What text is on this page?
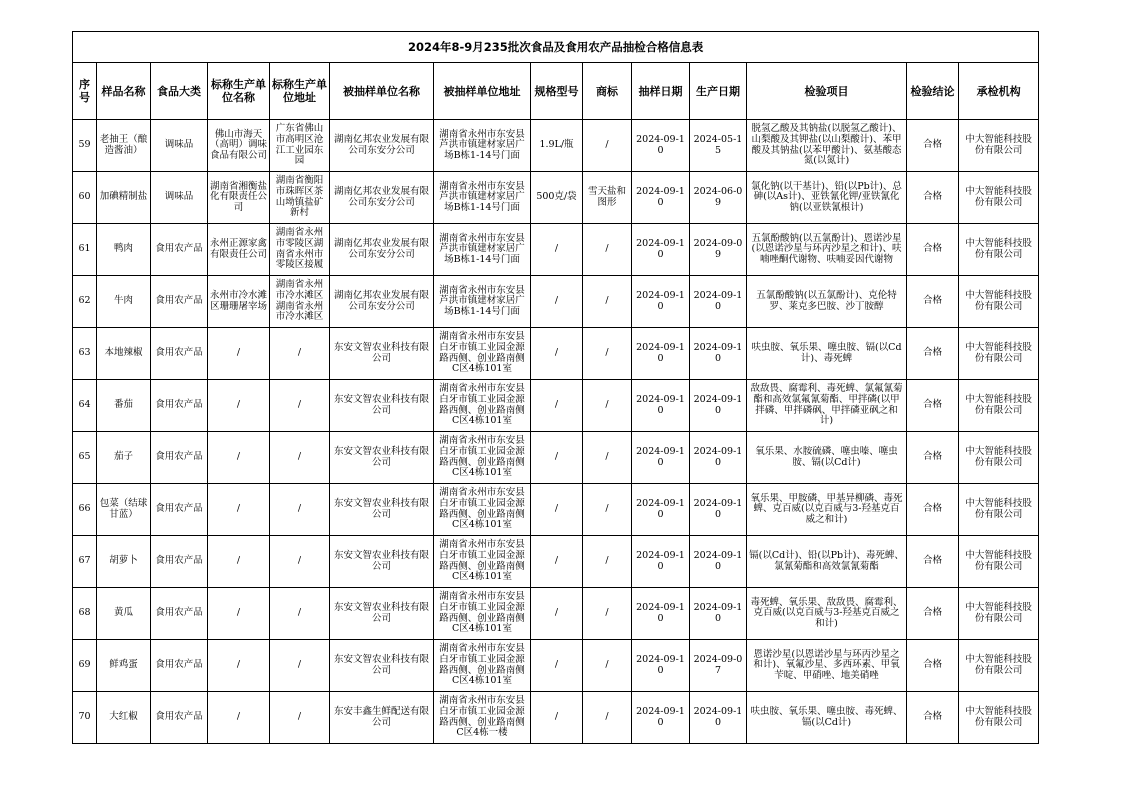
2024年8-9月235批次食品及食用农产品抽检合格信息表													
序号	样品名称	食品大类	标称生产单位名称	标称生产单位地址	被抽样单位名称	被抽样单位地址	规格型号	商标	抽样日期	生产日期	检验项目	检验结论	承检机构
59	老抽王（酿造酱油）	调味品	佛山市海天（高明）调味食品有限公司	广东省佛山市高明区沧江工业园东园	湖南亿邦农业发展有限公司东安分公司	湖南省永州市东安县芦洪市镇建材家居广场B栋1-14号门面	1.9L/瓶	/	2024-09-10	2024-05-15	脱氢乙酸及其钠盐(以脱氢乙酸计)、山梨酸及其钾盐(以山梨酸计)、苯甲酸及其钠盐(以苯甲酸计)、氨基酸态氮(以氮计)	合格	中大智能科技股份有限公司
60	加碘精制盐	调味品	湖南省湘衡盐化有限责任公司	湖南省衡阳市珠晖区茶山坳镇盐矿新村	湖南亿邦农业发展有限公司东安分公司	湖南省永州市东安县芦洪市镇建材家居广场B栋1-14号门面	500克/袋	雪天盐和图形	2024-09-10	2024-06-09	氯化钠(以干基计)、铅(以Pb计)、总砷(以As计)、亚铁氰化钾/亚铁氰化钠(以亚铁氰根计)	合格	中大智能科技股份有限公司
61	鸭肉	食用农产品	永州正源家禽有限责任公司	湖南省永州市零陵区湖南省永州市零陵区接履	湖南亿邦农业发展有限公司东安分公司	湖南省永州市东安县芦洪市镇建材家居广场B栋1-14号门面	/	/	2024-09-10	2024-09-09	五氯酚酸钠(以五氯酚计)、恩诺沙星(以恩诺沙星与环丙沙星之和计)、呋喃唑酮代谢物、呋喃妥因代谢物	合格	中大智能科技股份有限公司
62	牛肉	食用农产品	永州市冷水滩区珊珊屠宰场	湖南省永州市冷水滩区湖南省永州市冷水滩区	湖南亿邦农业发展有限公司东安分公司	湖南省永州市东安县芦洪市镇建材家居广场B栋1-14号门面	/	/	2024-09-10	2024-09-10	五氯酚酸钠(以五氯酚计)、克伦特罗、莱克多巴胺、沙丁胺醇	合格	中大智能科技股份有限公司
63	本地辣椒	食用农产品	/	/	东安文智农业科技有限公司	湖南省永州市东安县白牙市镇工业园金源路西侧、创业路南侧C区4栋101室	/	/	2024-09-10	2024-09-10	呋虫胺、氧乐果、噻虫胺、镉(以Cd计)、毒死蜱	合格	中大智能科技股份有限公司
64	番茄	食用农产品	/	/	东安文智农业科技有限公司	湖南省永州市东安县白牙市镇工业园金源路西侧、创业路南侧C区4栋101室	/	/	2024-09-10	2024-09-10	敌敌畏、腐霉利、毒死蜱、氯氟氰菊酯和高效氯氟氰菊酯、甲拌磷(以甲拌磷、甲拌磷砜、甲拌磷亚砜之和计)	合格	中大智能科技股份有限公司
65	茄子	食用农产品	/	/	东安文智农业科技有限公司	湖南省永州市东安县白牙市镇工业园金源路西侧、创业路南侧C区4栋101室	/	/	2024-09-10	2024-09-10	氧乐果、水胺硫磷、噻虫嗪、噻虫胺、镉(以Cd计)	合格	中大智能科技股份有限公司
66	包菜（结球甘蓝）	食用农产品	/	/	东安文智农业科技有限公司	湖南省永州市东安县白牙市镇工业园金源路西侧、创业路南侧C区4栋101室	/	/	2024-09-10	2024-09-10	氧乐果、甲胺磷、甲基异柳磷、毒死蜱、克百威(以克百威与3-羟基克百威之和计)	合格	中大智能科技股份有限公司
67	胡萝卜	食用农产品	/	/	东安文智农业科技有限公司	湖南省永州市东安县白牙市镇工业园金源路西侧、创业路南侧C区4栋101室	/	/	2024-09-10	2024-09-10	镉(以Cd计)、铅(以Pb计)、毒死蜱、氯氰菊酯和高效氯氰菊酯	合格	中大智能科技股份有限公司
68	黄瓜	食用农产品	/	/	东安文智农业科技有限公司	湖南省永州市东安县白牙市镇工业园金源路西侧、创业路南侧C区4栋101室	/	/	2024-09-10	2024-09-10	毒死蜱、氧乐果、敌敌畏、腐霉利、克百威(以克百威与3-羟基克百威之和计)	合格	中大智能科技股份有限公司
69	鲜鸡蛋	食用农产品	/	/	东安文智农业科技有限公司	湖南省永州市东安县白牙市镇工业园金源路西侧、创业路南侧C区4栋101室	/	/	2024-09-10	2024-09-07	恩诺沙星(以恩诺沙星与环丙沙星之和计)、氧氟沙星、多西环素、甲氧苄啶、甲硝唑、地美硝唑	合格	中大智能科技股份有限公司
70	大红椒	食用农产品	/	/	东安丰鑫生鲜配送有限公司	湖南省永州市东安县白牙市镇工业园金源路西侧、创业路南侧C区4栋一楼	/	/	2024-09-10	2024-09-10	呋虫胺、氧乐果、噻虫胺、毒死蜱、镉(以Cd计)	合格	中大智能科技股份有限公司
